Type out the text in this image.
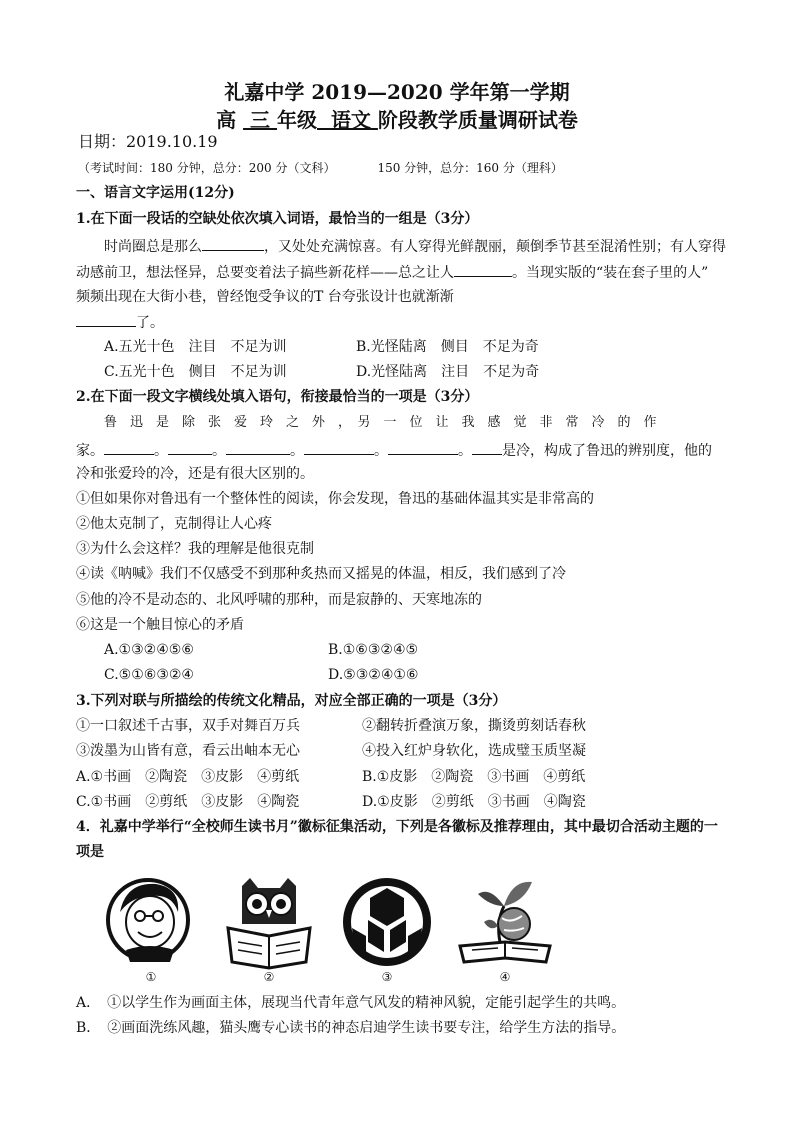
礼嘉中学 2019—2020 学年第一学期
高 三 年级 语文 阶段教学质量调研试卷
日期：2019.10.19
（考试时间：180 分钟，总分：200 分（文科）　　　　150 分钟，总分：160 分（理科）
一、语言文字运用(12分)
1.在下面一段话的空缺处依次填入词语，最恰当的一组是（3分）
时尚圈总是那么	，又处处充满惊喜。有人穿得光鲜靓丽，颠倒季节甚至混淆性别；有人穿得
动感前卫，想法怪异，总要变着法子搞些新花样——总之让人	。当现实版的“装在套子里的人”
频频出现在大街小巷，曾经饱受争议的T 台夸张设计也就渐渐
了。
A.五光十色　注目　不足为训	B.光怪陆离　侧目　不足为奇
C.五光十色　侧目　不足为训	D.光怪陆离　注目　不足为奇
2.在下面一段文字横线处填入语句，衔接最恰当的一项是（3分）
鲁　迅　是　除　张　爱　玲　之　外　，　另　一　位　让　我　感　觉　非　常　冷　的　作
家。	。	。	。	。	。 是冷，构成了鲁迅的辨别度，他的
冷和张爱玲的冷，还是有很大区别的。
①但如果你对鲁迅有一个整体性的阅读，你会发现，鲁迅的基础体温其实是非常高的
②他太克制了，克制得让人心疼
③为什么会这样？我的理解是他很克制
④读《呐喊》我们不仅感受不到那种炙热而又摇晃的体温，相反，我们感到了冷
⑤他的冷不是动态的、北风呼啸的那种，而是寂静的、天寒地冻的
⑥这是一个触目惊心的矛盾
A.①③②④⑤⑥	B.①⑥③②④⑤
C.⑤①⑥③②④	D.⑤③②④①⑥
3.下列对联与所描绘的传统文化精品，对应全部正确的一项是（3分）
①一口叙述千古事，双手对舞百万兵	②翻转折叠演万象，撕烫剪刻话春秋
③泼墨为山皆有意，看云出岫本无心	④投入红炉身软化，选成璧玉质坚凝
A.①书画　②陶瓷　③皮影　④剪纸	B.①皮影　②陶瓷　③书画　④剪纸
C.①书画　②剪纸　③皮影　④陶瓷	D.①皮影　②剪纸　③书画　④陶瓷
4．礼嘉中学举行“全校师生读书月”徽标征集活动，下列是各徽标及推荐理由，其中最切合活动主题的一
项是
①	②	③	④
A．　①以学生作为画面主体，展现当代青年意气风发的精神风貌，定能引起学生的共鸣。
B．　②画面洗练风趣，猫头鹰专心读书的神态启迪学生读书要专注，给学生方法的指导。
